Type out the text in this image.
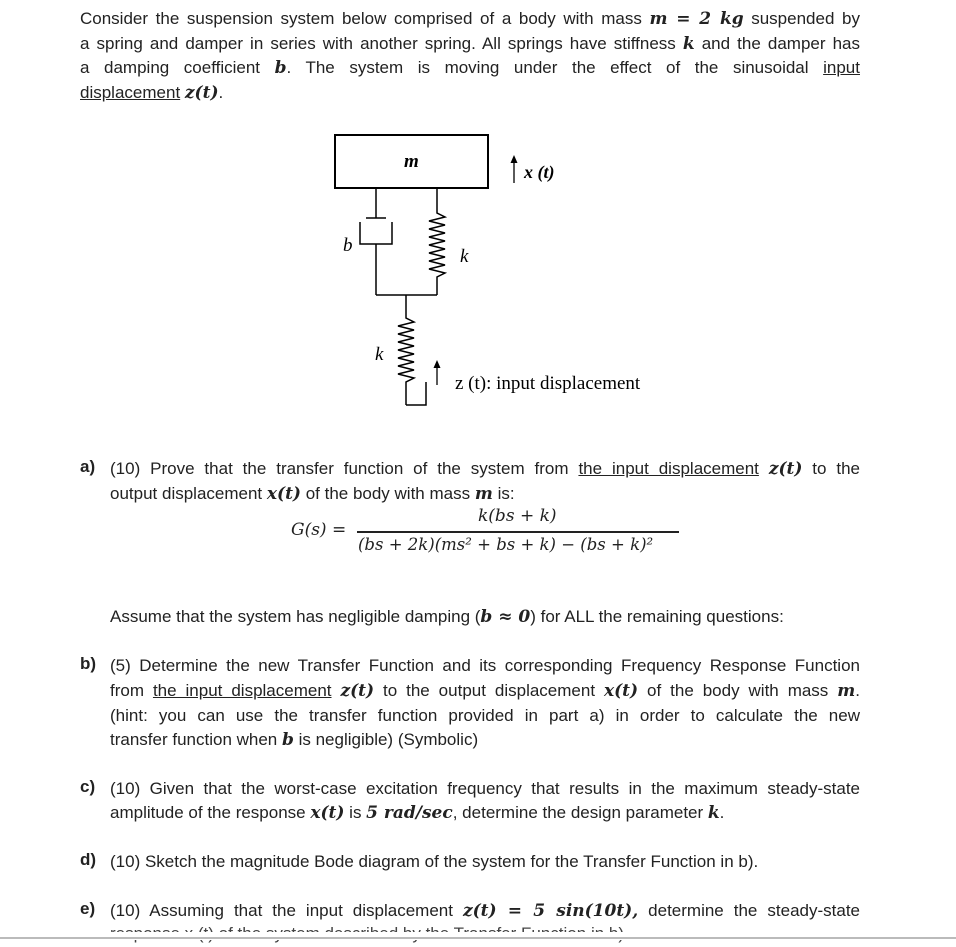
Consider the suspension system below comprised of a body with mass m = 2 kg suspended by
a spring and damper in series with another spring. All springs have stiffness k and the damper has
a damping coefficient b. The system is moving under the effect of the sinusoidal input
displacement z(t).
m	x (t)
b
k
k
z (t): input displacement
a) (10) Prove that the transfer function of the system from the input displacement z(t) to the
output displacement x(t) of the body with mass m is:
G(s) =
k(bs + k)
(bs + 2k)(ms² + bs + k) − (bs + k)²
Assume that the system has negligible damping (b ≈ 0) for ALL the remaining questions:
b) (5) Determine the new Transfer Function and its corresponding Frequency Response Function
from the input displacement z(t) to the output displacement x(t) of the body with mass m.
(hint: you can use the transfer function provided in part a) in order to calculate the new
transfer function when b is negligible) (Symbolic)
c) (10) Given that the worst-case excitation frequency that results in the maximum steady-state
amplitude of the response x(t) is 5 rad/sec, determine the design parameter k.
d) (10) Sketch the magnitude Bode diagram of the system for the Transfer Function in b).
e) (10) Assuming that the input displacement z(t) = 5 sin(10t), determine the steady-state
